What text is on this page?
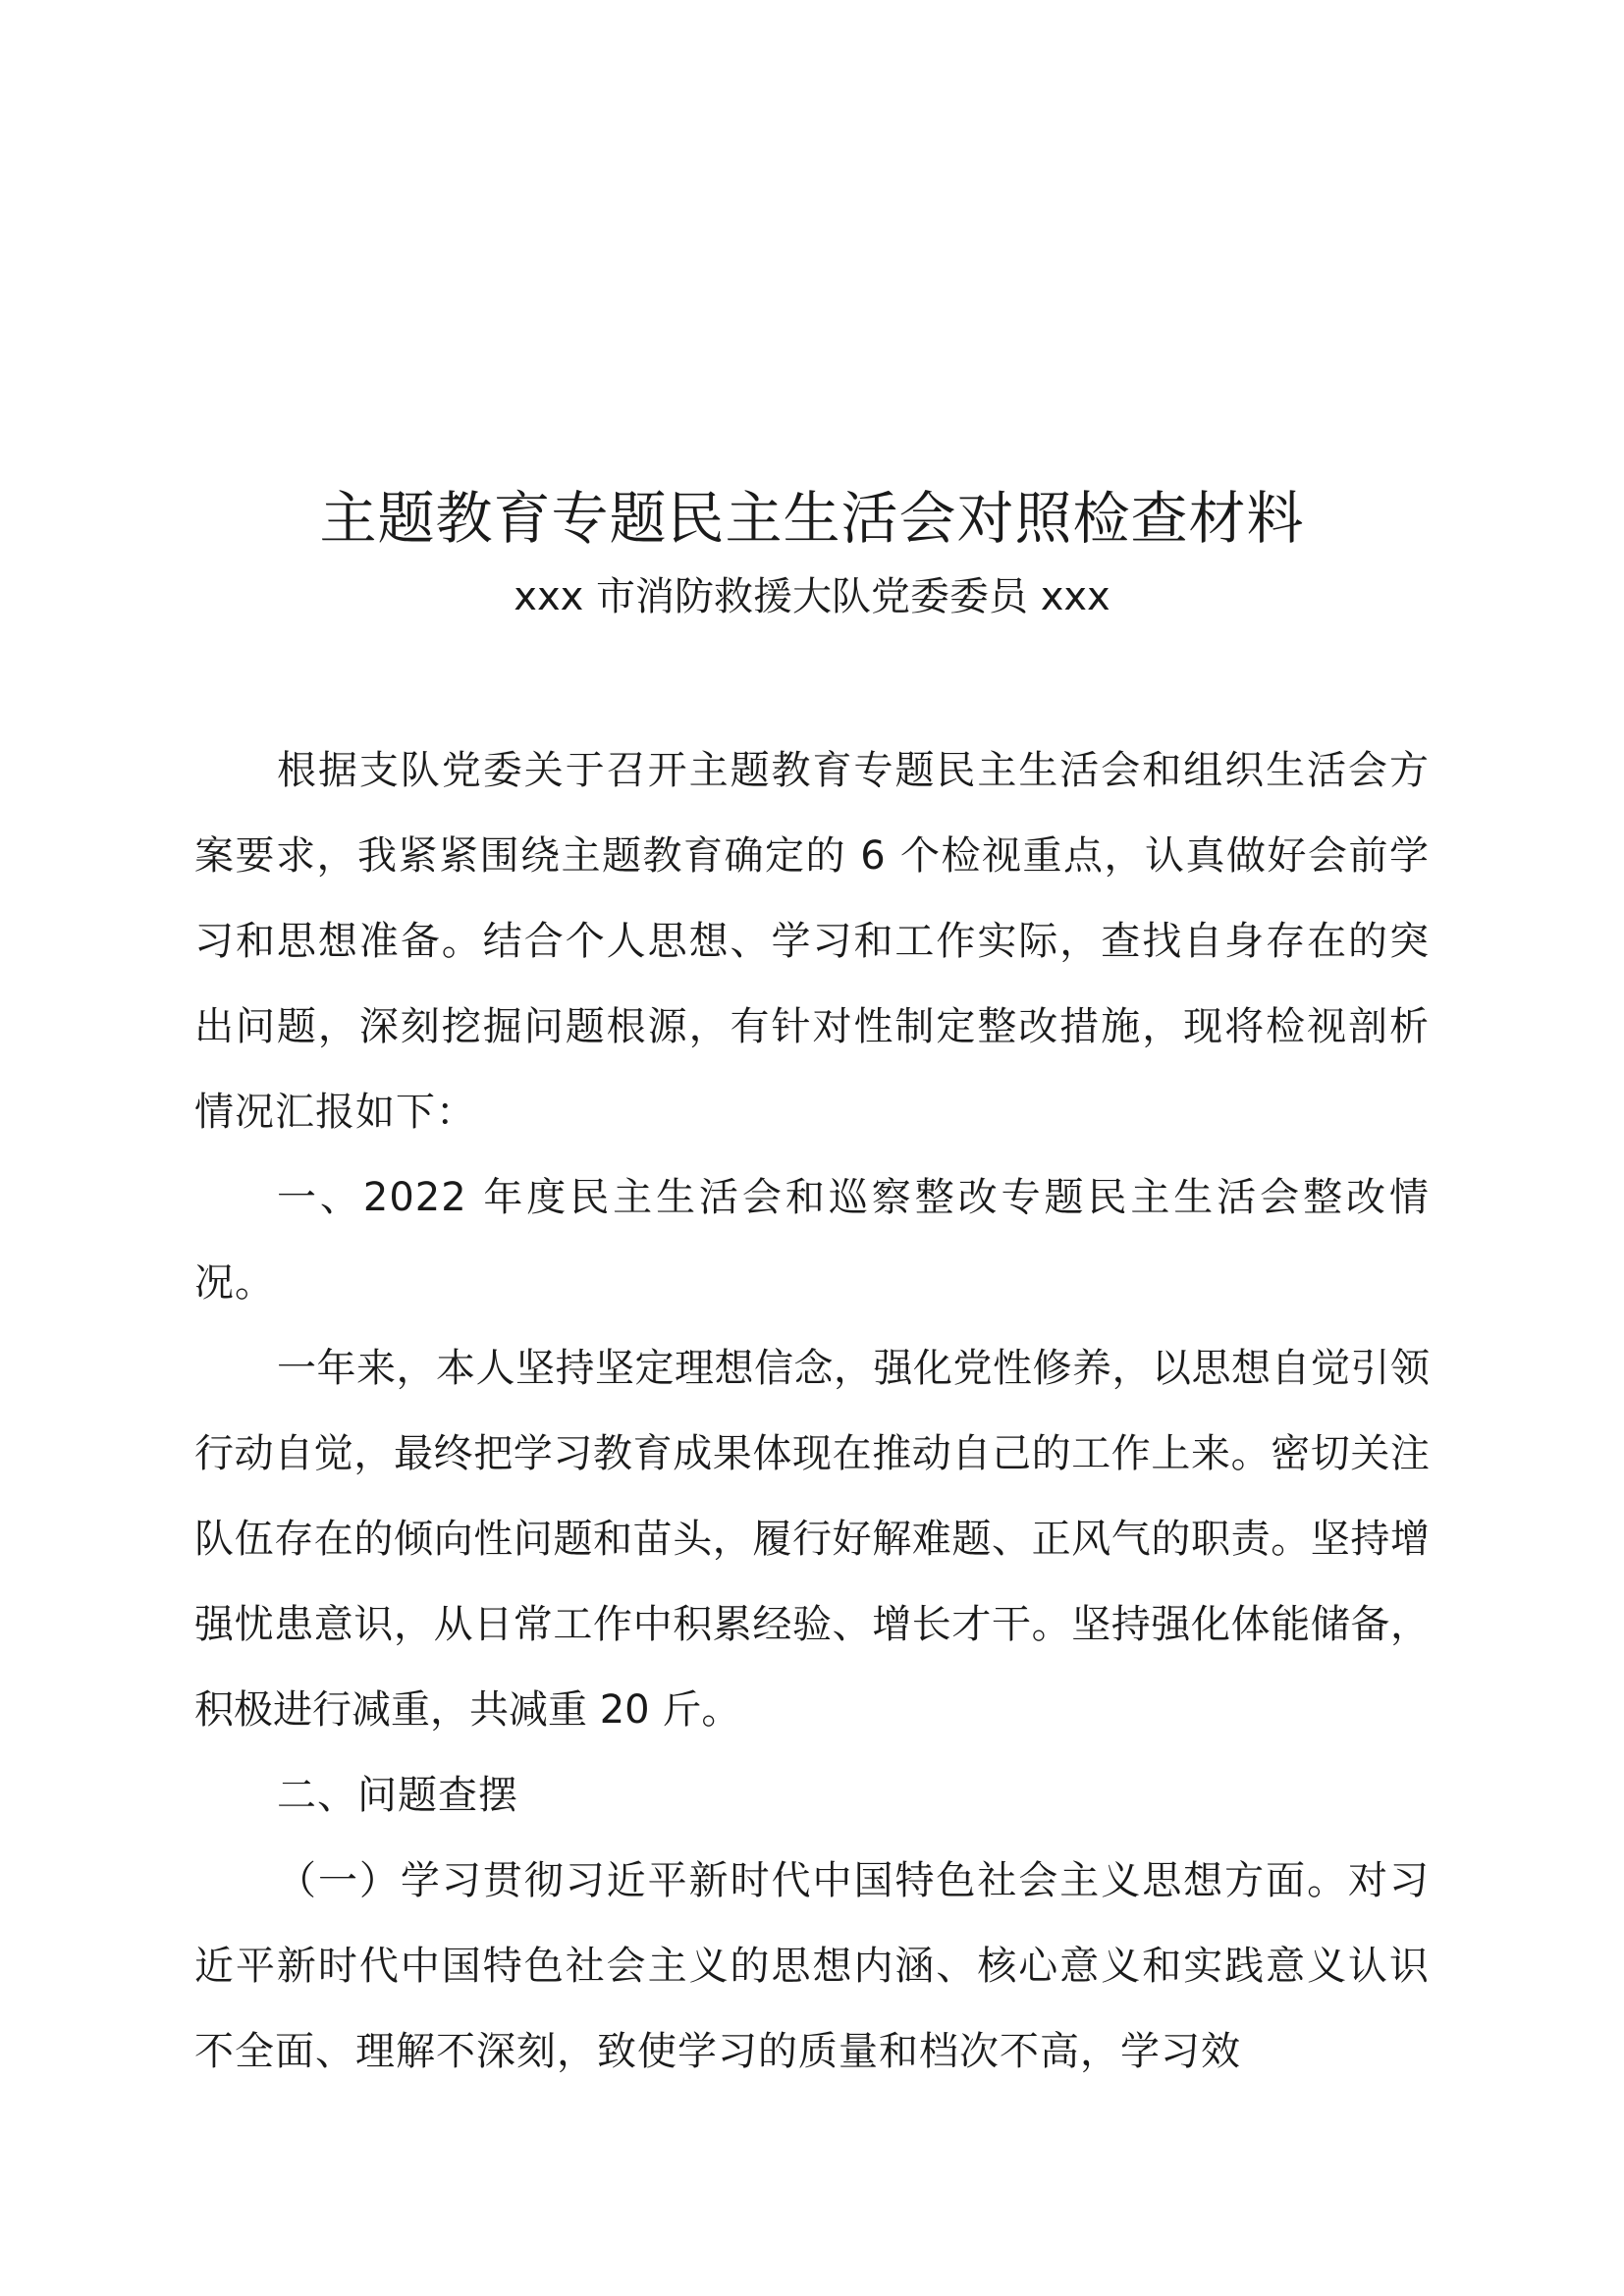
主题教育专题民主生活会对照检查材料

xxx 市消防救援大队党委委员 xxx

根据支队党委关于召开主题教育专题民主生活会和组织生活会方案要求，我紧紧围绕主题教育确定的 6 个检视重点，认真做好会前学习和思想准备。结合个人思想、学习和工作实际，查找自身存在的突出问题，深刻挖掘问题根源，有针对性制定整改措施，现将检视剖析情况汇报如下：

一、2022 年度民主生活会和巡察整改专题民主生活会整改情况。

一年来，本人坚持坚定理想信念，强化党性修养，以思想自觉引领行动自觉，最终把学习教育成果体现在推动自己的工作上来。密切关注队伍存在的倾向性问题和苗头，履行好解难题、正风气的职责。坚持增强忧患意识，从日常工作中积累经验、增长才干。坚持强化体能储备，积极进行减重，共减重 20 斤。

二、问题查摆

（一）学习贯彻习近平新时代中国特色社会主义思想方面。对习近平新时代中国特色社会主义的思想内涵、核心意义和实践意义认识不全面、理解不深刻，致使学习的质量和档次不高，学习效
